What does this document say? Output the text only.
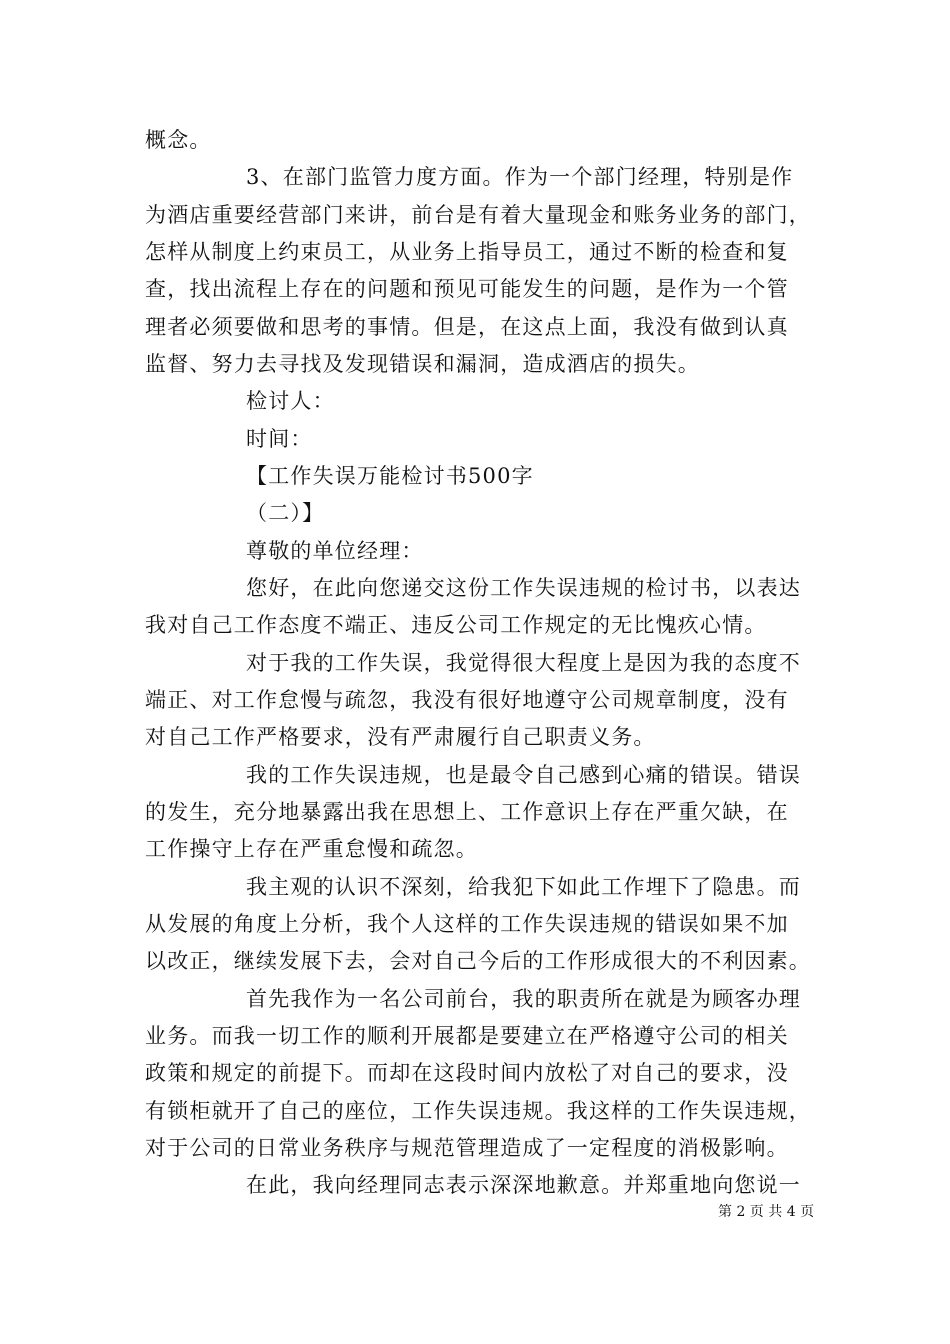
概念。
3、在部门监管力度方面。作为一个部门经理，特别是作
为酒店重要经营部门来讲，前台是有着大量现金和账务业务的部门，
怎样从制度上约束员工，从业务上指导员工，通过不断的检查和复
查，找出流程上存在的问题和预见可能发生的问题，是作为一个管
理者必须要做和思考的事情。但是，在这点上面，我没有做到认真
监督、努力去寻找及发现错误和漏洞，造成酒店的损失。
检讨人：
时间：
【工作失误万能检讨书500字
（二）】
尊敬的单位经理：
您好，在此向您递交这份工作失误违规的检讨书，以表达
我对自己工作态度不端正、违反公司工作规定的无比愧疚心情。
对于我的工作失误，我觉得很大程度上是因为我的态度不
端正、对工作怠慢与疏忽，我没有很好地遵守公司规章制度，没有
对自己工作严格要求，没有严肃履行自己职责义务。
我的工作失误违规，也是最令自己感到心痛的错误。错误
的发生，充分地暴露出我在思想上、工作意识上存在严重欠缺，在
工作操守上存在严重怠慢和疏忽。
我主观的认识不深刻，给我犯下如此工作埋下了隐患。而
从发展的角度上分析，我个人这样的工作失误违规的错误如果不加
以改正，继续发展下去，会对自己今后的工作形成很大的不利因素。
首先我作为一名公司前台，我的职责所在就是为顾客办理
业务。而我一切工作的顺利开展都是要建立在严格遵守公司的相关
政策和规定的前提下。而却在这段时间内放松了对自己的要求，没
有锁柜就开了自己的座位，工作失误违规。我这样的工作失误违规，
对于公司的日常业务秩序与规范管理造成了一定程度的消极影响。
在此，我向经理同志表示深深地歉意。并郑重地向您说一
第 2 页 共 4 页
